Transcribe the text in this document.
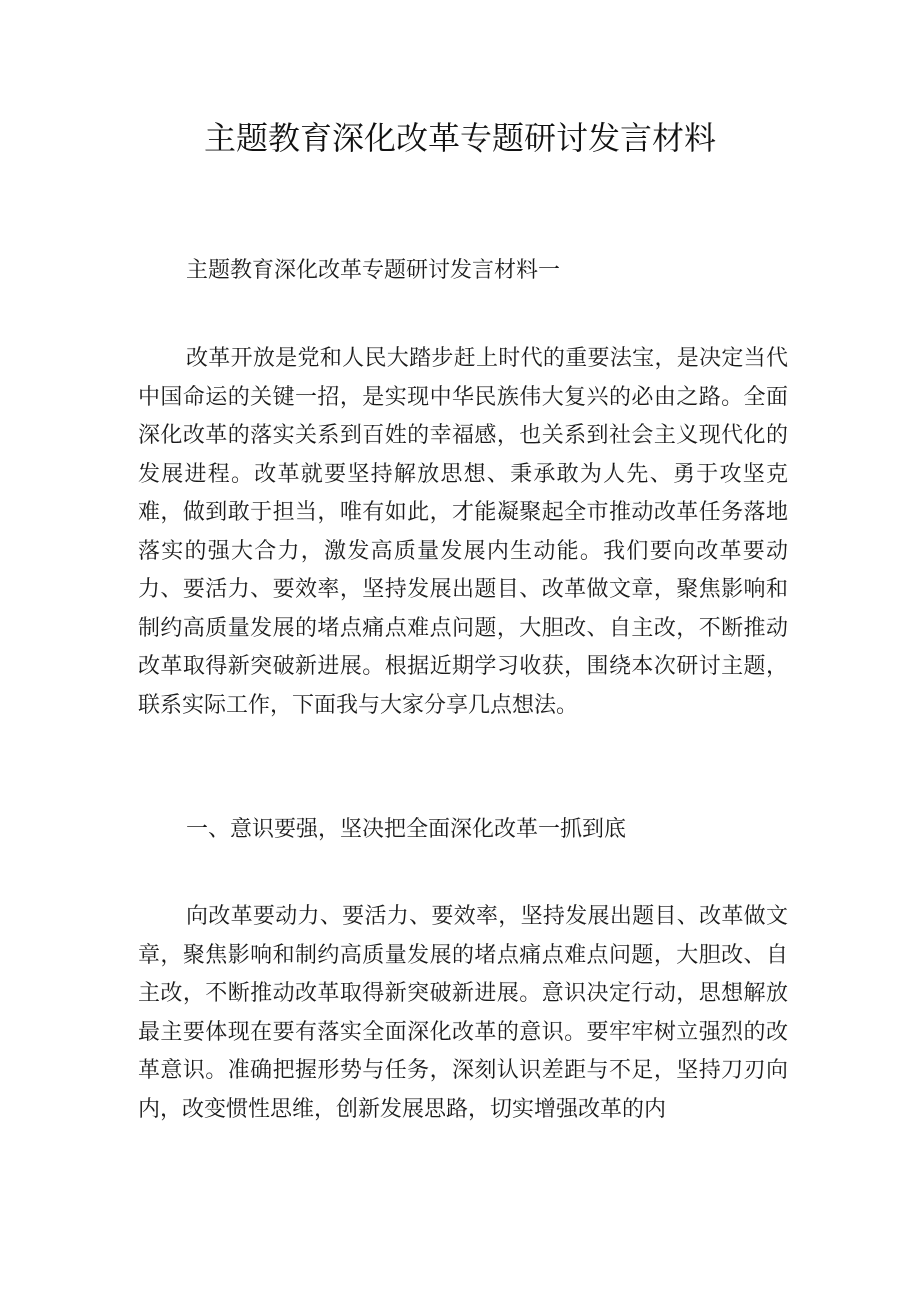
主题教育深化改革专题研讨发言材料

主题教育深化改革专题研讨发言材料一

改革开放是党和人民大踏步赶上时代的重要法宝，是决定当代中国命运的关键一招，是实现中华民族伟大复兴的必由之路。全面深化改革的落实关系到百姓的幸福感，也关系到社会主义现代化的发展进程。改革就要坚持解放思想、秉承敢为人先、勇于攻坚克难，做到敢于担当，唯有如此，才能凝聚起全市推动改革任务落地落实的强大合力，激发高质量发展内生动能。我们要向改革要动力、要活力、要效率，坚持发展出题目、改革做文章，聚焦影响和制约高质量发展的堵点痛点难点问题，大胆改、自主改，不断推动改革取得新突破新进展。根据近期学习收获，围绕本次研讨主题，联系实际工作，下面我与大家分享几点想法。

一、意识要强，坚决把全面深化改革一抓到底

向改革要动力、要活力、要效率，坚持发展出题目、改革做文章，聚焦影响和制约高质量发展的堵点痛点难点问题，大胆改、自主改，不断推动改革取得新突破新进展。意识决定行动，思想解放最主要体现在要有落实全面深化改革的意识。要牢牢树立强烈的改革意识。准确把握形势与任务，深刻认识差距与不足，坚持刀刃向内，改变惯性思维，创新发展思路，切实增强改革的内
